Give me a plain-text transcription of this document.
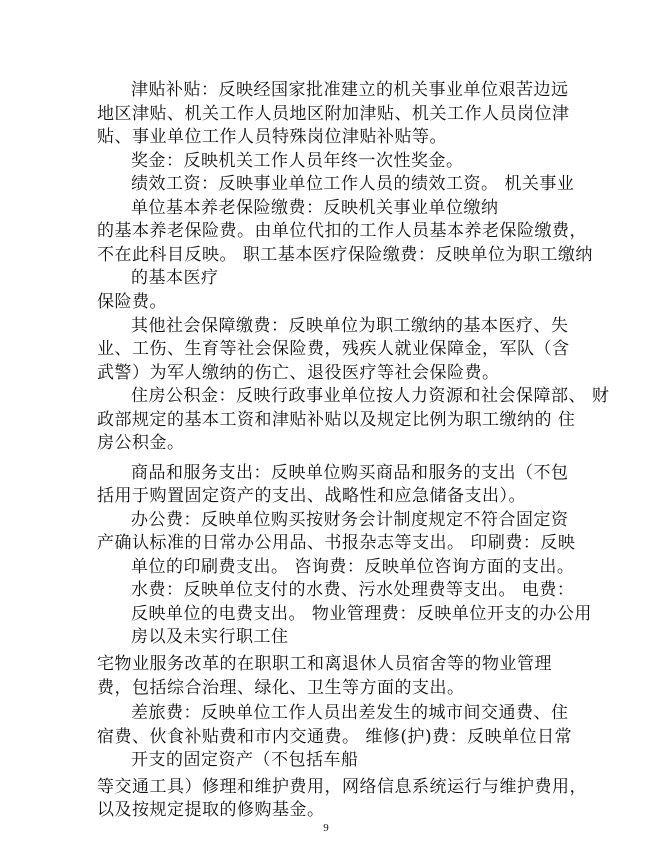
津贴补贴：反映经国家批准建立的机关事业单位艰苦边远
地区津贴、机关工作人员地区附加津贴、机关工作人员岗位津
贴、事业单位工作人员特殊岗位津贴补贴等。
奖金：反映机关工作人员年终一次性奖金。
绩效工资：反映事业单位工作人员的绩效工资。 机关事业
单位基本养老保险缴费：反映机关事业单位缴纳
的基本养老保险费。由单位代扣的工作人员基本养老保险缴费，
不在此科目反映。 职工基本医疗保险缴费：反映单位为职工缴纳
的基本医疗
保险费。
其他社会保障缴费：反映单位为职工缴纳的基本医疗、失
业、工伤、生育等社会保险费，残疾人就业保障金，军队（含
武警）为军人缴纳的伤亡、退役医疗等社会保险费。
住房公积金：反映行政事业单位按人力资源和社会保障部、 财
政部规定的基本工资和津贴补贴以及规定比例为职工缴纳的 住
房公积金。
商品和服务支出：反映单位购买商品和服务的支出（不包
括用于购置固定资产的支出、战略性和应急储备支出）。
办公费：反映单位购买按财务会计制度规定不符合固定资
产确认标准的日常办公用品、书报杂志等支出。 印刷费：反映
单位的印刷费支出。 咨询费：反映单位咨询方面的支出。
水费：反映单位支付的水费、污水处理费等支出。 电费：
反映单位的电费支出。 物业管理费：反映单位开支的办公用
房以及未实行职工住
宅物业服务改革的在职职工和离退休人员宿舍等的物业管理
费，包括综合治理、绿化、卫生等方面的支出。
差旅费：反映单位工作人员出差发生的城市间交通费、住
宿费、伙食补贴费和市内交通费。 维修(护)费：反映单位日常
开支的固定资产（不包括车船
等交通工具）修理和维护费用，网络信息系统运行与维护费用，
以及按规定提取的修购基金。
9
